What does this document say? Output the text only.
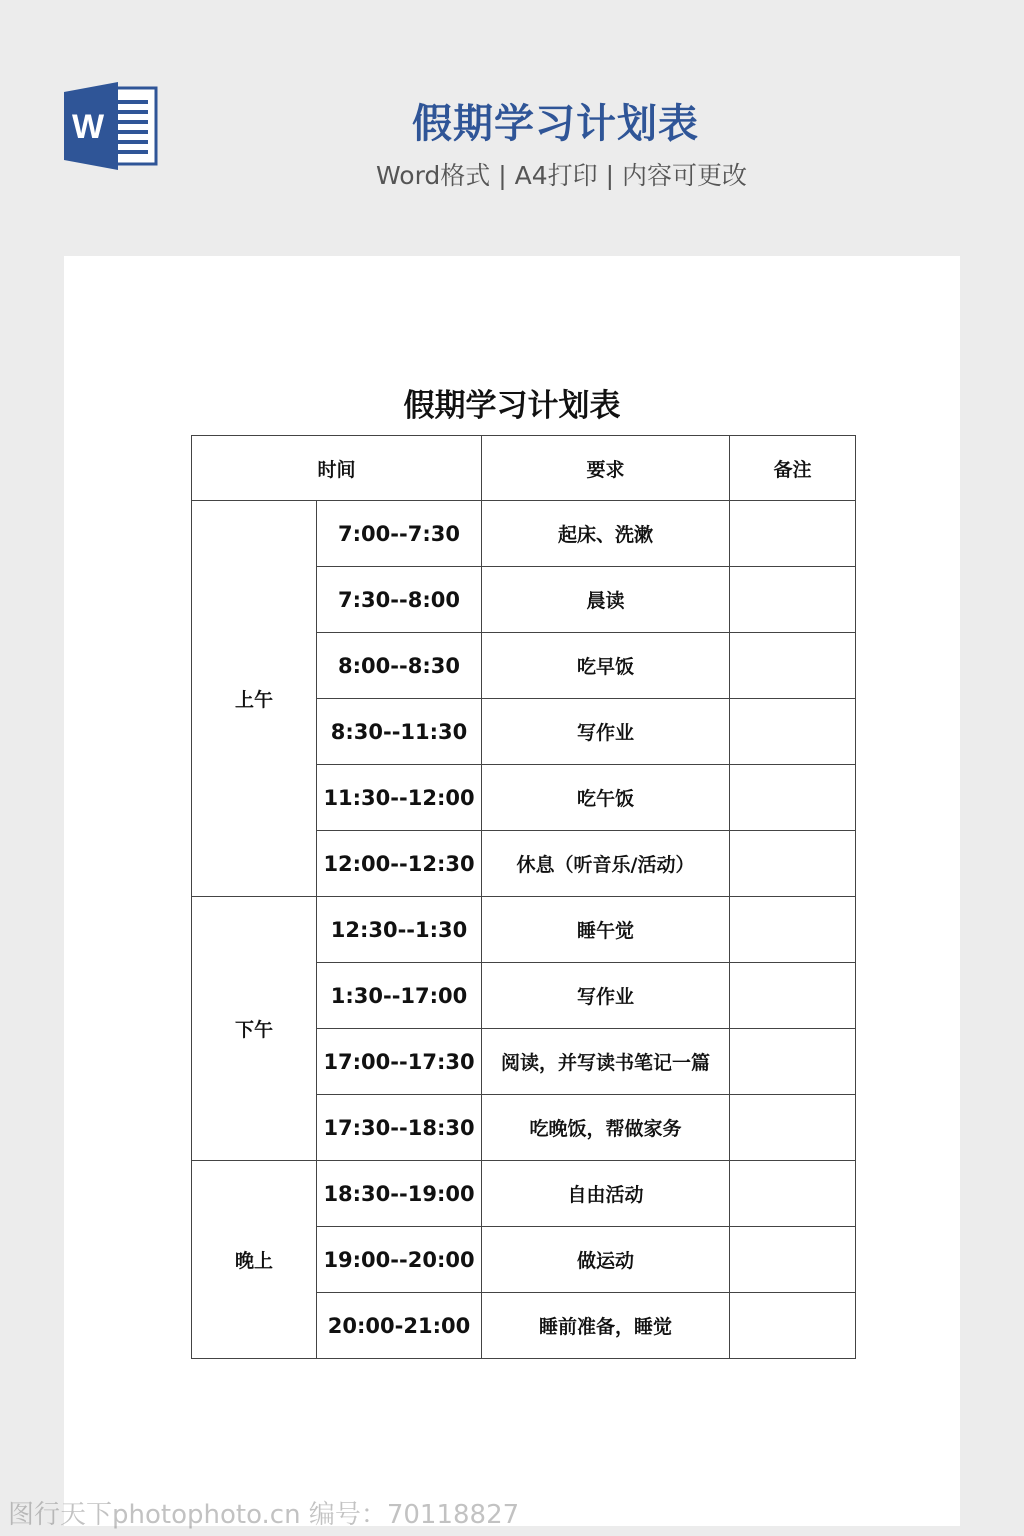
W	假期学习计划表
Word格式 | A4打印 | 内容可更改
假期学习计划表
时间		要求	备注
上午	7:00--7:30	起床、洗漱	
	7:30--8:00	晨读	
	8:00--8:30	吃早饭	
	8:30--11:30	写作业	
	11:30--12:00	吃午饭	
	12:00--12:30	休息（听音乐/活动）	
下午	12:30--1:30	睡午觉	
	1:30--17:00	写作业	
	17:00--17:30	阅读，并写读书笔记一篇	
	17:30--18:30	吃晚饭，帮做家务	
晚上	18:30--19:00	自由活动	
	19:00--20:00	做运动	
	20:00-21:00	睡前准备，睡觉	
图行天下photophoto.cn 编号：70118827
